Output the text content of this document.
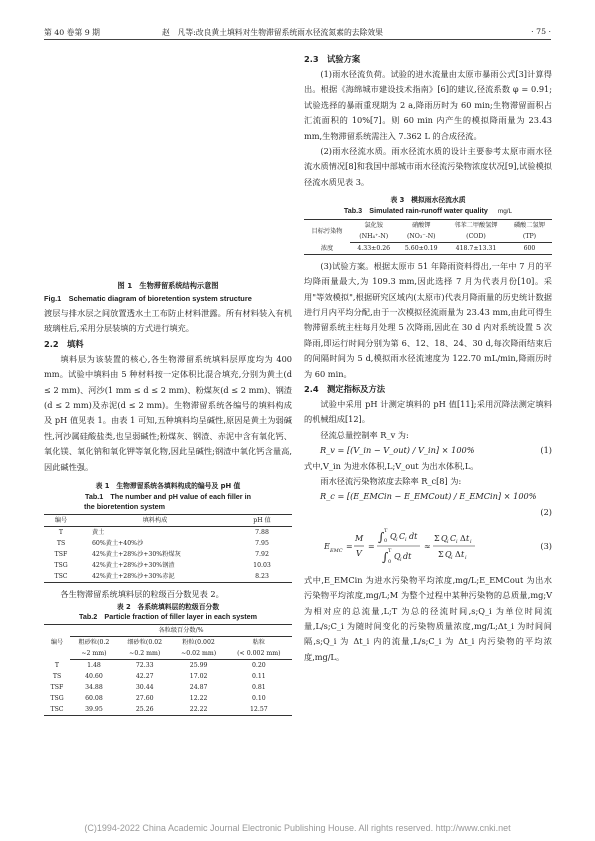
第 40 卷第 9 期	赵　凡等:改良黄土填料对生物滞留系统雨水径流氮素的去除效果	· 75 ·
图 1　生物滞留系统结构示意图
Fig.1　Schematic diagram of bioretention system structure

渡层与排水层之间放置透水土工布防止材料泄露。所有材料装入有机玻璃柱后,采用分层装填的方式进行填充。

2.2　填料

填料层为该装置的核心,各生物滞留系统填料层厚度均为 400 mm。试验中填料由 5 种材料按一定体积比混合填充,分别为黄土(d ≤ 2 mm)、河沙(1 mm ≤ d ≤ 2 mm)、粉煤灰(d ≤ 2 mm)、钢渣(d ≤ 2 mm)及赤泥(d ≤ 2 mm)。生物滞留系统各编号的填料构成及 pH 值见表 1。由表 1 可知,五种填料均呈碱性,原因是黄土为弱碱性,河沙属硅酸盐类,也呈弱碱性;粉煤灰、钢渣、赤泥中含有氧化钙、氧化镁、氧化钠和氧化钾等氧化物,因此呈碱性;钢渣中氧化钙含量高,因此碱性强。

表 1　生物滞留系统各填料构成的编号及 pH 值
Tab.1　The number and pH value of each filler in
the bioretention system
编号	填料构成	pH 值
T	黄土	7.88
TS	60%黄土+40%沙	7.95
TSF	42%黄土+28%沙+30%粉煤灰	7.92
TSG	42%黄土+28%沙+30%钢渣	10.03
TSC	42%黄土+28%沙+30%赤泥	8.23

各生物滞留系统填料层的粒级百分数见表 2。

表 2　各系统填料层的粒级百分数
Tab.2　Particle fraction of filler layer in each system
编号	各粒级百分数/%			
	粗砂粒(0.2	细砂粒(0.02	粉粒(0.002	粘粒
	~2 mm)	~0.2 mm)	~0.02 mm)	(< 0.002 mm)
T	1.48	72.33	25.99	0.20
TS	40.60	42.27	17.02	0.11
TSF	34.88	30.44	24.87	0.81
TSG	60.08	27.60	12.22	0.10
TSC	39.95	25.26	22.22	12.57
2.3　试验方案

(1)雨水径流负荷。试验的进水流量由太原市暴雨公式[3]计算得出。根据《海绵城市建设技术指南》[6]的建议,径流系数 φ = 0.91;试验选择的暴雨重现期为 2 a,降雨历时为 60 min;生物滞留面积占汇流面积的 10%[7]。则 60 min 内产生的模拟降雨量为 23.43 mm,生物滞留系统需注入 7.362 L 的合成径流。

(2)雨水径流水质。雨水径流水质的设计主要参考太原市雨水径流水质情况[8]和我国中部城市雨水径流污染物浓度状况[9],试验模拟径流水质见表 3。

表 3　模拟雨水径流水质
Tab.3　Simulated rain-runoff water quality mg/L
目标污染物	氯化铵	硝酸钾	邻苯二甲酸氢钾	磷酸二氢钾
	(NH₄⁺-N)	(NO₃⁻-N)	(COD)	(TP)
浓度	4.33±0.26	5.60±0.19	418.7±13.31	600

(3)试验方案。根据太原市 51 年降雨资料得出,一年中 7 月的平均降雨量最大,为 109.3 mm,因此选择 7 月为代表月份[10]。采用"等效模拟",根据研究区域内(太原市)代表月降雨量的历史统计数据进行月内平均分配,由于一次模拟径流雨量为 23.43 mm,由此可得生物滞留系统主柱每月处理 5 次降雨,因此在 30 d 内对系统设置 5 次降雨,即运行时间分别为第 6、12、18、24、30 d,每次降雨结束后的间隔时间为 5 d,模拟雨水径流速度为 122.70 mL/min,降雨历时为 60 min。

2.4　测定指标及方法

试验中采用 pH 计测定填料的 pH 值[11];采用沉降法测定填料的机械组成[12]。

径流总量控制率 R_v 为:

R_v = [(V_in − V_out) / V_in] × 100%	(1)

式中,V_in 为进水体积,L;V_out 为出水体积,L。

雨水径流污染物浓度去除率 R_c[8] 为:

R_c = [(E_EMCin − E_EMCout) / E_EMCin] × 100%
(2)
E EMC =
M
V
=
∫ T
0 Q i C i dt
∫ T
0
Q i dt
≈
Σ Q i C i Δ t i
Σ Q i Δ t i
(3)

式中,E_EMCin 为进水污染物平均浓度,mg/L;E_EMCout 为出水污染物平均浓度,mg/L;M 为整个过程中某种污染物的总质量,mg;V 为相对应的总流量,L;T 为总的径流时间,s;Q_i 为单位时间流量,L/s;C_i 为随时间变化的污染物质量浓度,mg/L;Δt_i 为时间间隔,s;Q_i 为 Δt_i 内的流量,L/s;C_i 为 Δt_i 内污染物的平均浓度,mg/L。

(C)1994-2022 China Academic Journal Electronic Publishing House. All rights reserved. http://www.cnki.net
